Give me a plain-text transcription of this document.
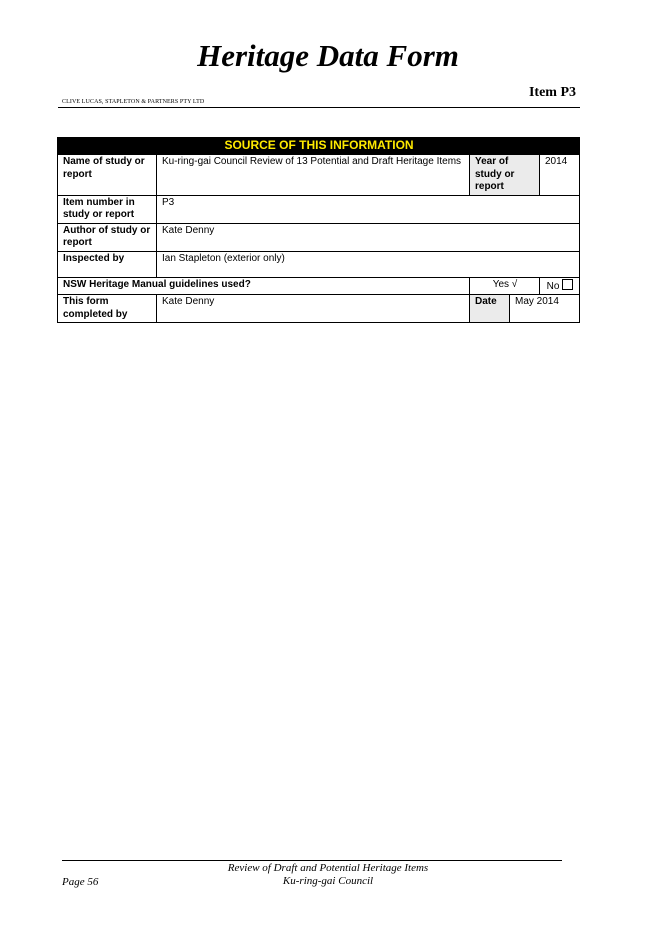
Heritage Data Form
Item P3
CLIVE LUCAS, STAPLETON & PARTNERS PTY LTD
SOURCE OF THIS INFORMATION				
Name of study or report	Ku-ring-gai Council Review of 13 Potential and Draft Heritage Items	Year of study or report		2014
Item number in study or report	P3			
Author of study or report	Kate Denny			
Inspected by	Ian Stapleton (exterior only)			
NSW Heritage Manual guidelines used?		Yes √		No
This form completed by	Kate Denny	Date	May 2014	
Review of Draft and Potential Heritage Items
Ku-ring-gai Council
Page 56
